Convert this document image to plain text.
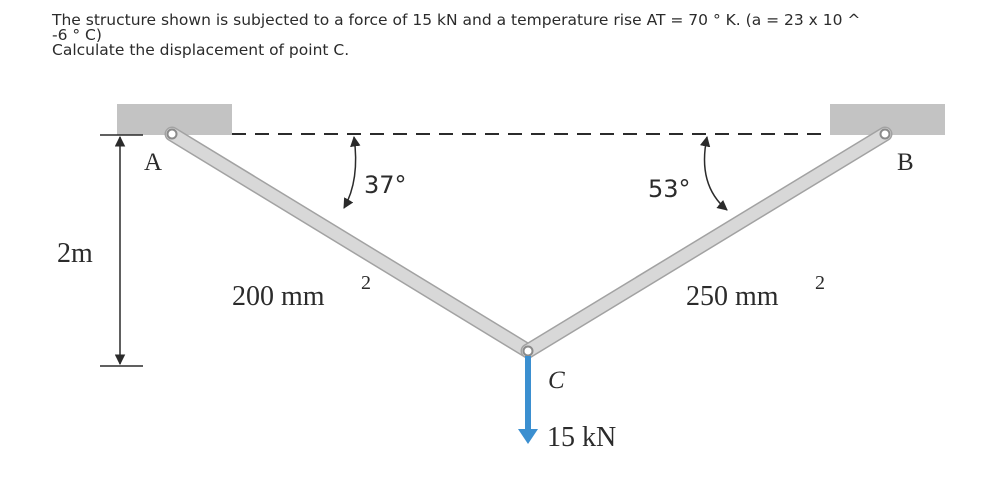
The structure shown is subjected to a force of 15 kN and a temperature rise AT = 70 ° K. (a = 23 x 10 ^

-6 ° C)

Calculate the displacement of point C.

A	B
C
2m
37°	53°
200 mm 2	250 mm 2
15 kN
